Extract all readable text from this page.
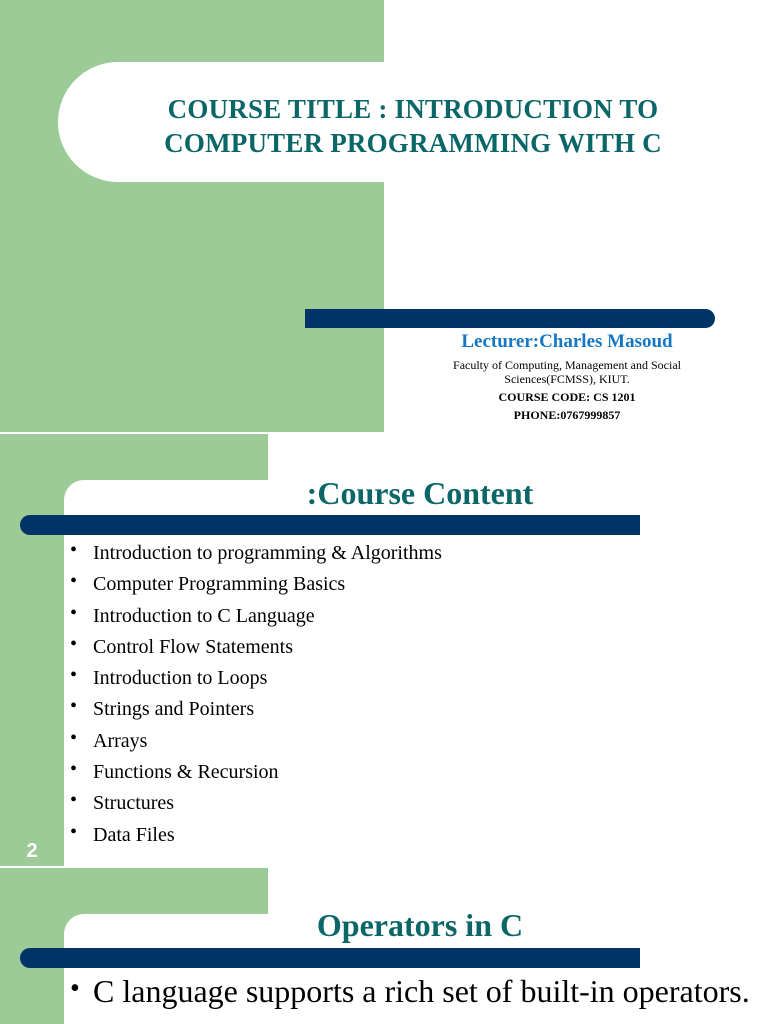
COURSE TITLE : INTRODUCTION TO
COMPUTER PROGRAMMING WITH C
Lecturer:Charles Masoud
Faculty of Computing, Management and Social
Sciences(FCMSS), KIUT.
COURSE CODE: CS 1201
PHONE:0767999857
:Course Content
• Introduction to programming & Algorithms
• Computer Programming Basics
• Introduction to C Language
• Control Flow Statements
• Introduction to Loops
• Strings and Pointers
• Arrays
• Functions & Recursion
• Structures
• Data Files
2
Operators in C
• C language supports a rich set of built-in operators.
